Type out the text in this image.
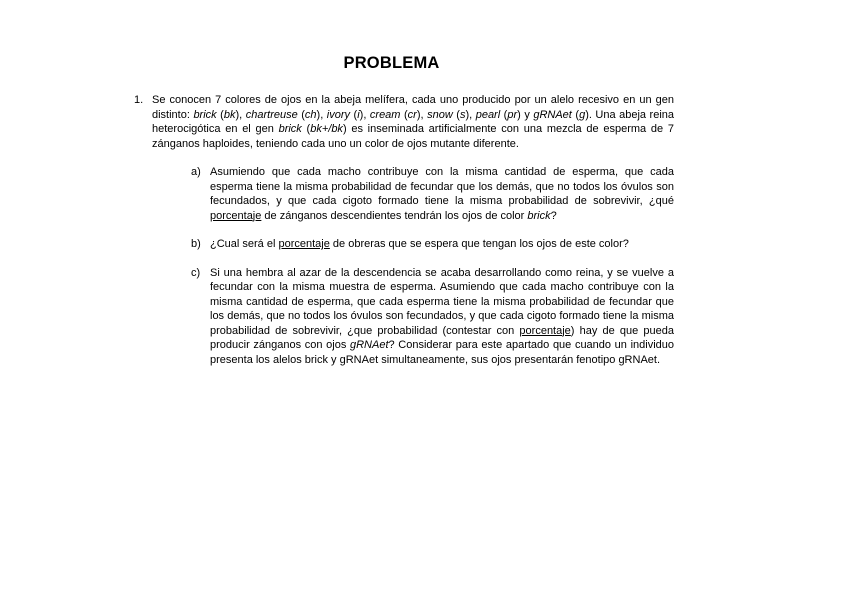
PROBLEMA
1. Se conocen 7 colores de ojos en la abeja melífera, cada uno producido por un alelo recesivo en un gen distinto: brick (bk), chartreuse (ch), ivory (i), cream (cr), snow (s), pearl (pr) y gRNAet (g). Una abeja reina heterocigótica en el gen brick (bk+/bk) es inseminada artificialmente con una mezcla de esperma de 7 zánganos haploides, teniendo cada uno un color de ojos mutante diferente.
a) Asumiendo que cada macho contribuye con la misma cantidad de esperma, que cada esperma tiene la misma probabilidad de fecundar que los demás, que no todos los óvulos son fecundados, y que cada cigoto formado tiene la misma probabilidad de sobrevivir, ¿qué porcentaje de zánganos descendientes tendrán los ojos de color brick?
b) ¿Cual será el porcentaje de obreras que se espera que tengan los ojos de este color?
c) Si una hembra al azar de la descendencia se acaba desarrollando como reina, y se vuelve a fecundar con la misma muestra de esperma. Asumiendo que cada macho contribuye con la misma cantidad de esperma, que cada esperma tiene la misma probabilidad de fecundar que los demás, que no todos los óvulos son fecundados, y que cada cigoto formado tiene la misma probabilidad de sobrevivir, ¿que probabilidad (contestar con porcentaje) hay de que pueda producir zánganos con ojos gRNAet? Considerar para este apartado que cuando un individuo presenta los alelos brick y gRNAet simultaneamente, sus ojos presentarán fenotipo gRNAet.
